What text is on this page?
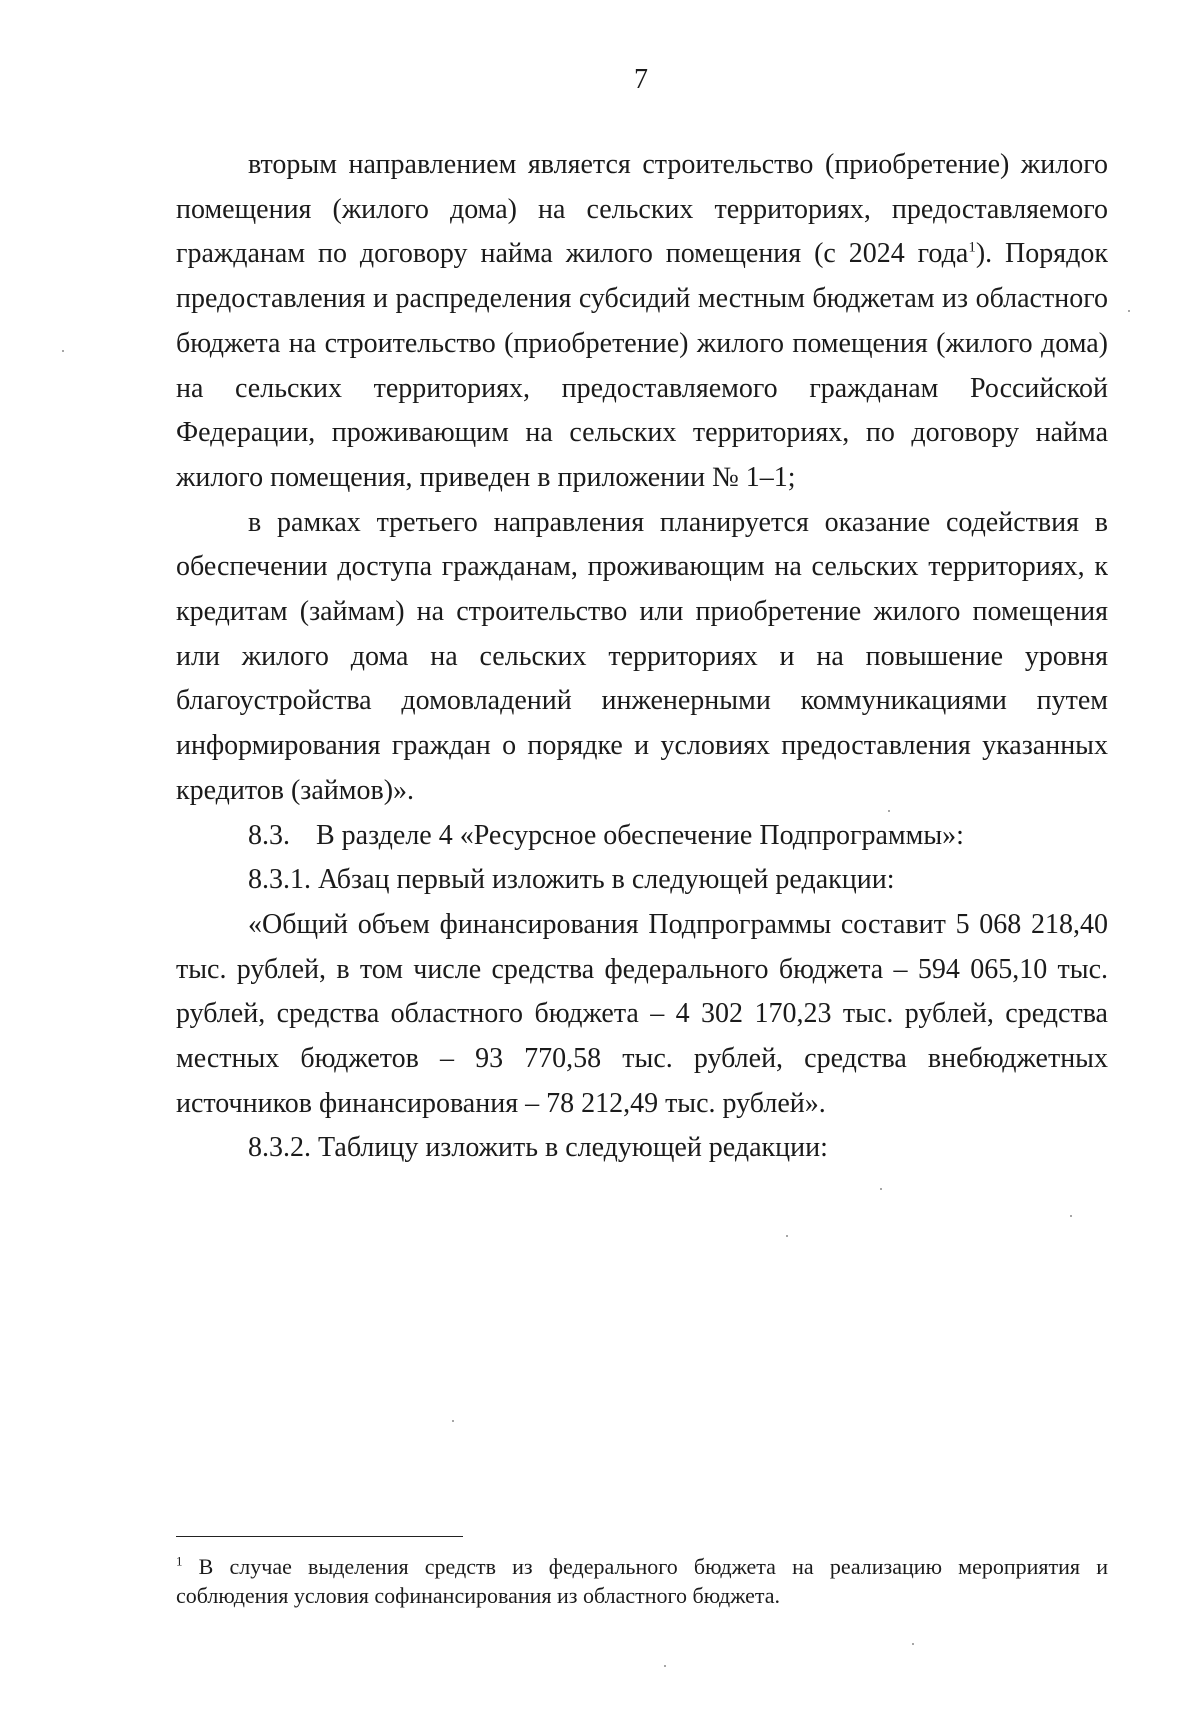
7

вторым направлением является строительство (приобретение) жилого помещения (жилого дома) на сельских территориях, предоставляемого гражданам по договору найма жилого помещения (с 2024 года$^1$). Порядок предоставления и распределения субсидий местным бюджетам из областного бюджета на строительство (приобретение) жилого помещения (жилого дома) на сельских территориях, предоставляемого гражданам Российской Федерации, проживающим на сельских территориях, по договору найма жилого помещения, приведен в приложении № 1–1;

в рамках третьего направления планируется оказание содействия в обеспечении доступа гражданам, проживающим на сельских территориях, к кредитам (займам) на строительство или приобретение жилого помещения или жилого дома на сельских территориях и на повышение уровня благоустройства домовладений инженерными коммуникациями путем информирования граждан о порядке и условиях предоставления указанных кредитов (займов)».

8.3. В разделе 4 «Ресурсное обеспечение Подпрограммы»:

8.3.1. Абзац первый изложить в следующей редакции:

«Общий объем финансирования Подпрограммы составит 5 068 218,40 тыс. рублей, в том числе средства федерального бюджета – 594 065,10 тыс. рублей, средства областного бюджета – 4 302 170,23 тыс. рублей, средства местных бюджетов – 93 770,58 тыс. рублей, средства внебюджетных источников финансирования – 78 212,49 тыс. рублей».

8.3.2. Таблицу изложить в следующей редакции:

$^1$ В случае выделения средств из федерального бюджета на реализацию мероприятия и соблюдения условия софинансирования из областного бюджета.
